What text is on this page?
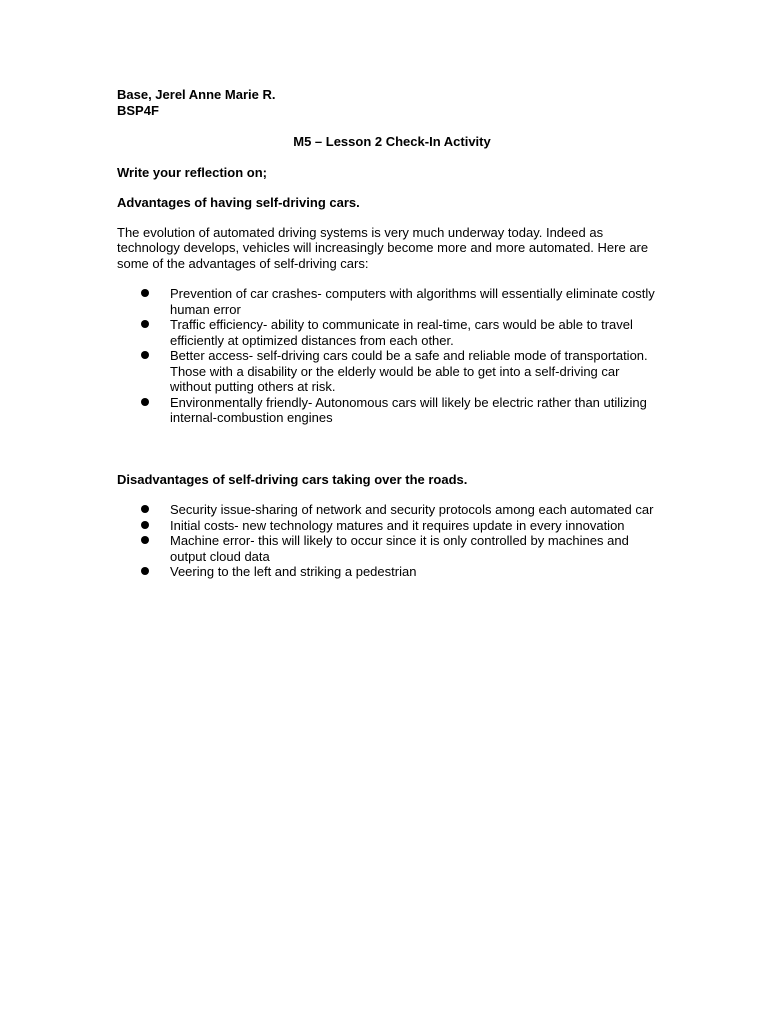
Base, Jerel Anne Marie R.

BSP4F

M5 – Lesson 2 Check-In Activity

Write your reflection on;

Advantages of having self-driving cars.

The evolution of automated driving systems is very much underway today. Indeed as technology develops, vehicles will increasingly become more and more automated. Here are some of the advantages of self-driving cars:

Prevention of car crashes- computers with algorithms will essentially eliminate costly human error
Traffic efficiency- ability to communicate in real-time, cars would be able to travel efficiently at optimized distances from each other.
Better access- self-driving cars could be a safe and reliable mode of transportation. Those with a disability or the elderly would be able to get into a self-driving car without putting others at risk.
Environmentally friendly- Autonomous cars will likely be electric rather than utilizing internal-combustion engines

Disadvantages of self-driving cars taking over the roads.

Security issue-sharing of network and security protocols among each automated car
Initial costs- new technology matures and it requires update in every innovation
Machine error- this will likely to occur since it is only controlled by machines and output cloud data
Veering to the left and striking a pedestrian
